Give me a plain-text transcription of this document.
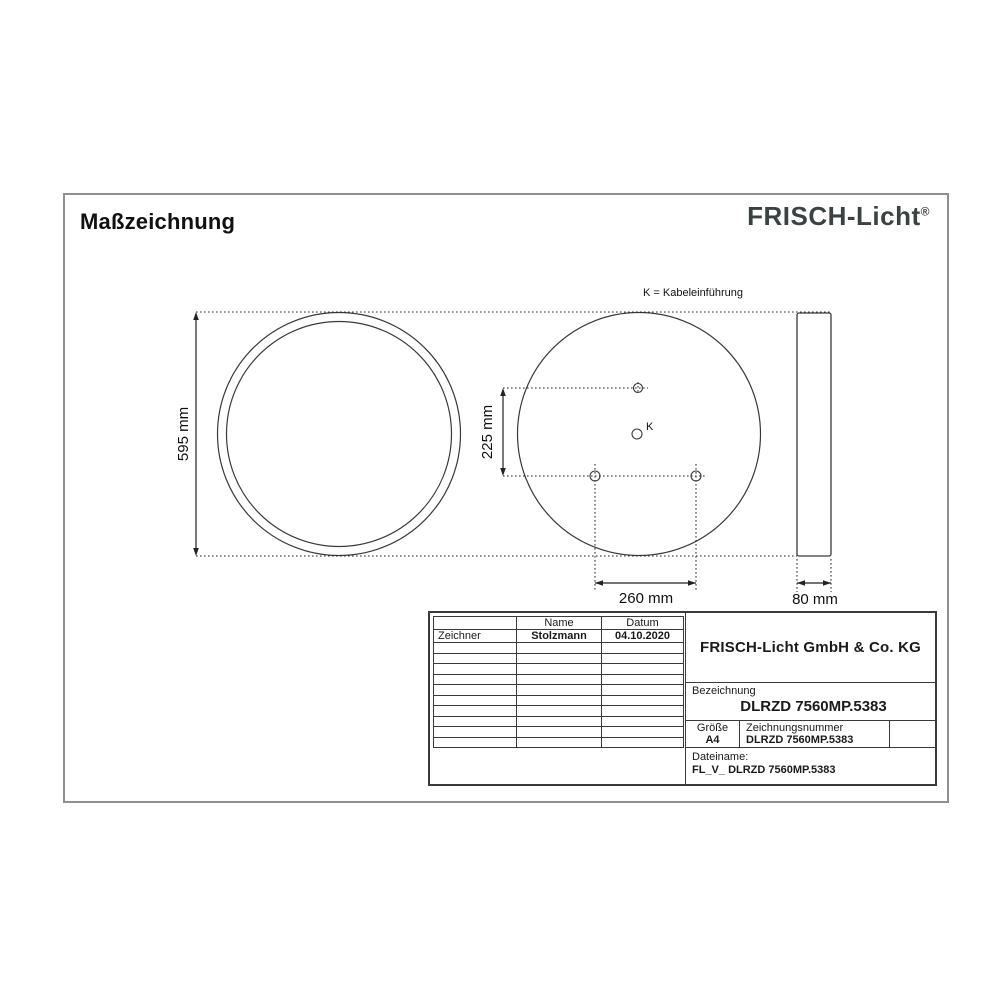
Maßzeichnung	FRISCH-Licht®
595 mm	225 mm
260 mm	80 mm
K = Kabeleinführung
K
	Name	Datum
Zeichner	Stolzmann	04.10.2020

FRISCH-Licht GmbH & Co. KG
Bezeichnung
DLRZD 7560MP.5383
Größe
A4
Zeichnungsnummer
DLRZD 7560MP.5383
Dateiname:
FL_V_ DLRZD 7560MP.5383
